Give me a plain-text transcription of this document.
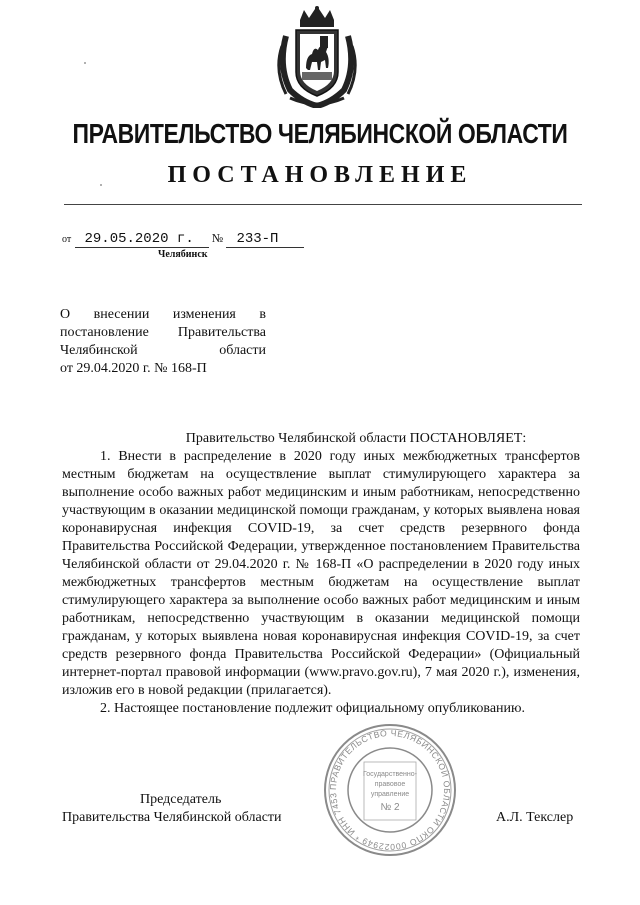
ПРАВИТЕЛЬСТВО ЧЕЛЯБИНСКОЙ ОБЛАСТИ
ПОСТАНОВЛЕНИЕ
от 29.05.2020 г. № 233-П
Челябинск
О внесении изменения в
постановление Правительства
Челябинской	области
от 29.04.2020 г. № 168-П
Правительство Челябинской области ПОСТАНОВЛЯЕТ:

1. Внести в распределение в 2020 году иных межбюджетных трансфертов местным бюджетам на осуществление выплат стимулирующего характера за выполнение особо важных работ медицинским и иным работникам, непосредственно участвующим в оказании медицинской помощи гражданам, у которых выявлена новая коронавирусная инфекция COVID-19, за счет средств резервного фонда Правительства Российской Федерации, утвержденное постановлением Правительства Челябинской области от 29.04.2020 г. № 168-П «О распределении в 2020 году иных межбюджетных трансфертов местным бюджетам на осуществление выплат стимулирующего характера за выполнение особо важных работ медицинским и иным работникам, непосредственно участвующим в оказании медицинской помощи гражданам, у которых выявлена новая коронавирусная инфекция COVID-19, за счет средств резервного фонда Правительства Российской Федерации» (Официальный интернет-портал правовой информации (www.pravo.gov.ru), 7 мая 2020 г.), изменения, изложив его в новой редакции (прилагается).

2. Настоящее постановление подлежит официальному опубликованию.

ПРАВИТЕЛЬСТВО ЧЕЛЯБИНСКОЙ ОБЛАСТИ ОКПО 00022949 * ИНН 7453
Государственно-
правовое
управление
№ 2
Председатель
Правительства Челябинской области	А.Л. Текслер
